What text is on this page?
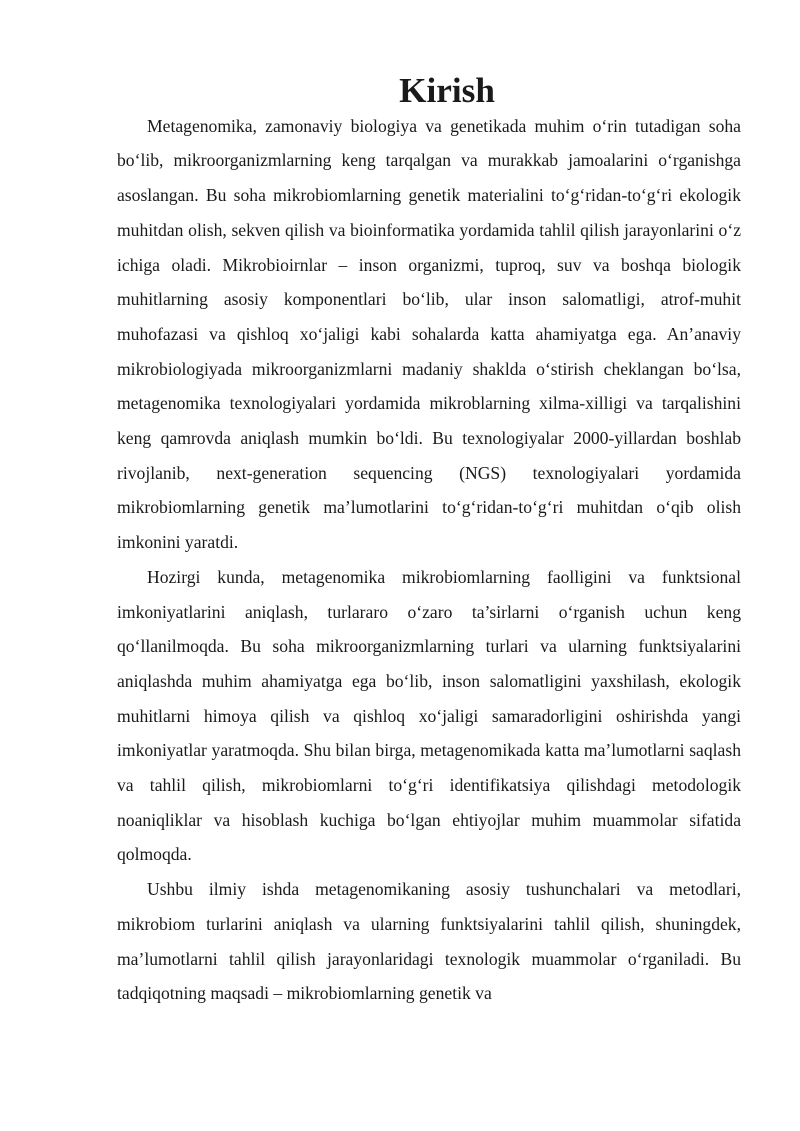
Kirish

Metagenomika, zamonaviy biologiya va genetikada muhim o‘rin tutadigan soha bo‘lib, mikroorganizmlarning keng tarqalgan va murakkab jamoalarini o‘rganishga asoslangan. Bu soha mikrobiomlarning genetik materialini to‘g‘ridan-to‘g‘ri ekologik muhitdan olish, sekven qilish va bioinformatika yordamida tahlil qilish jarayonlarini o‘z ichiga oladi. Mikrobioirnlar – inson organizmi, tuproq, suv va boshqa biologik muhitlarning asosiy komponentlari bo‘lib, ular inson salomatligi, atrof-muhit muhofazasi va qishloq xo‘jaligi kabi sohalarda katta ahamiyatga ega. An’anaviy mikrobiologiyada mikroorganizmlarni madaniy shaklda o‘stirish cheklangan bo‘lsa, metagenomika texnologiyalari yordamida mikroblarning xilma-xilligi va tarqalishini keng qamrovda aniqlash mumkin bo‘ldi. Bu texnologiyalar 2000-yillardan boshlab rivojlanib, next-generation sequencing (NGS) texnologiyalari yordamida mikrobiomlarning genetik ma’lumotlarini to‘g‘ridan-to‘g‘ri muhitdan o‘qib olish imkonini yaratdi.

Hozirgi kunda, metagenomika mikrobiomlarning faolligini va funktsional imkoniyatlarini aniqlash, turlararo o‘zaro ta’sirlarni o‘rganish uchun keng qo‘llanilmoqda. Bu soha mikroorganizmlarning turlari va ularning funktsiyalarini aniqlashda muhim ahamiyatga ega bo‘lib, inson salomatligini yaxshilash, ekologik muhitlarni himoya qilish va qishloq xo‘jaligi samaradorligini oshirishda yangi imkoniyatlar yaratmoqda. Shu bilan birga, metagenomikada katta ma’lumotlarni saqlash va tahlil qilish, mikrobiomlarni to‘g‘ri identifikatsiya qilishdagi metodologik noaniqliklar va hisoblash kuchiga bo‘lgan ehtiyojlar muhim muammolar sifatida qolmoqda.

Ushbu ilmiy ishda metagenomikaning asosiy tushunchalari va metodlari, mikrobiom turlarini aniqlash va ularning funktsiyalarini tahlil qilish, shuningdek, ma’lumotlarni tahlil qilish jarayonlaridagi texnologik muammolar o‘rganiladi. Bu tadqiqotning maqsadi – mikrobiomlarning genetik va
